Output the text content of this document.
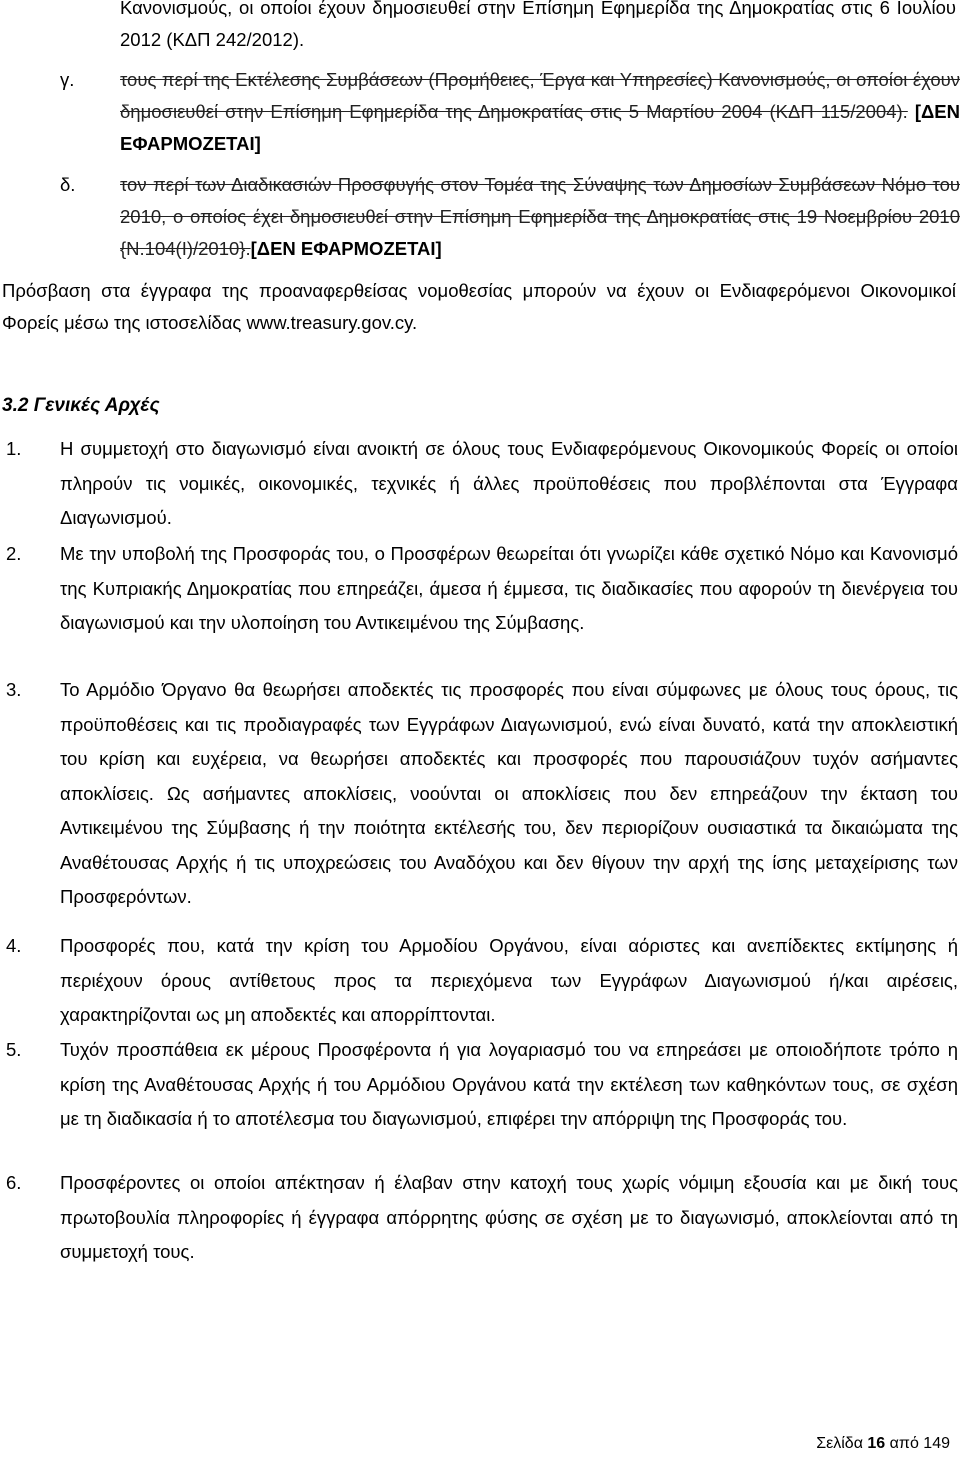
Κανονισμούς, οι οποίοι έχουν δημοσιευθεί στην Επίσημη Εφημερίδα της Δημοκρατίας στις 6 Ιουλίου 2012 (ΚΔΠ 242/2012).
γ. τους περί της Εκτέλεσης Συμβάσεων (Προμήθειες, Έργα και Υπηρεσίες) Κανονισμούς, οι οποίοι έχουν δημοσιευθεί στην Επίσημη Εφημερίδα της Δημοκρατίας στις 5 Μαρτίου 2004 (ΚΔΠ 115/2004). [ΔΕΝ ΕΦΑΡΜΟΖΕΤΑΙ]
δ. τον περί των Διαδικασιών Προσφυγής στον Τομέα της Σύναψης των Δημοσίων Συμβάσεων Νόμο του 2010, ο οποίος έχει δημοσιευθεί στην Επίσημη Εφημερίδα της Δημοκρατίας στις 19 Νοεμβρίου 2010 {Ν.104(Ι)/2010}.[ΔΕΝ ΕΦΑΡΜΟΖΕΤΑΙ]
Πρόσβαση στα έγγραφα της προαναφερθείσας νομοθεσίας μπορούν να έχουν οι Ενδιαφερόμενοι Οικονομικοί Φορείς μέσω της ιστοσελίδας www.treasury.gov.cy.
3.2 Γενικές Αρχές
1. Η συμμετοχή στο διαγωνισμό είναι ανοικτή σε όλους τους Ενδιαφερόμενους Οικονομικούς Φορείς οι οποίοι πληρούν τις νομικές, οικονομικές, τεχνικές ή άλλες προϋποθέσεις που προβλέπονται στα Έγγραφα Διαγωνισμού.
2. Με την υποβολή της Προσφοράς του, ο Προσφέρων θεωρείται ότι γνωρίζει κάθε σχετικό Νόμο και Κανονισμό της Κυπριακής Δημοκρατίας που επηρεάζει, άμεσα ή έμμεσα, τις διαδικασίες που αφορούν τη διενέργεια του διαγωνισμού και την υλοποίηση του Αντικειμένου της Σύμβασης.
3. Το Αρμόδιο Όργανο θα θεωρήσει αποδεκτές τις προσφορές που είναι σύμφωνες με όλους τους όρους, τις προϋποθέσεις και τις προδιαγραφές των Εγγράφων Διαγωνισμού, ενώ είναι δυνατό, κατά την αποκλειστική του κρίση και ευχέρεια, να θεωρήσει αποδεκτές και προσφορές που παρουσιάζουν τυχόν ασήμαντες αποκλίσεις. Ως ασήμαντες αποκλίσεις, νοούνται οι αποκλίσεις που δεν επηρεάζουν την έκταση του Αντικειμένου της Σύμβασης ή την ποιότητα εκτέλεσής του, δεν περιορίζουν ουσιαστικά τα δικαιώματα της Αναθέτουσας Αρχής ή τις υποχρεώσεις του Αναδόχου και δεν θίγουν την αρχή της ίσης μεταχείρισης των Προσφερόντων.
4. Προσφορές που, κατά την κρίση του Αρμοδίου Οργάνου, είναι αόριστες και ανεπίδεκτες εκτίμησης ή περιέχουν όρους αντίθετους προς τα περιεχόμενα των Εγγράφων Διαγωνισμού ή/και αιρέσεις, χαρακτηρίζονται ως μη αποδεκτές και απορρίπτονται.
5. Τυχόν προσπάθεια εκ μέρους Προσφέροντα ή για λογαριασμό του να επηρεάσει με οποιοδήποτε τρόπο η κρίση της Αναθέτουσας Αρχής ή του Αρμόδιου Οργάνου κατά την εκτέλεση των καθηκόντων τους, σε σχέση με τη διαδικασία ή το αποτέλεσμα του διαγωνισμού, επιφέρει την απόρριψη της Προσφοράς του.
6. Προσφέροντες οι οποίοι απέκτησαν ή έλαβαν στην κατοχή τους χωρίς νόμιμη εξουσία και με δική τους πρωτοβουλία πληροφορίες ή έγγραφα απόρρητης φύσης σε σχέση με το διαγωνισμό, αποκλείονται από τη συμμετοχή τους.
Σελίδα 16 από 149
